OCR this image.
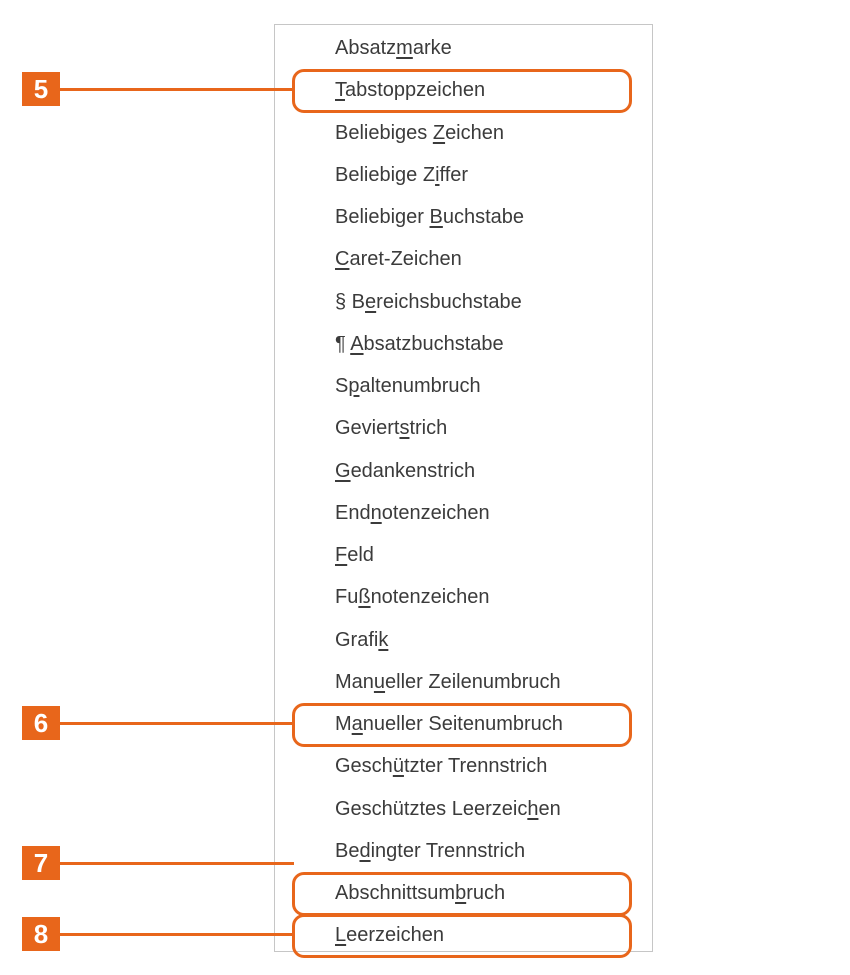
Absatzmarke
Tabstoppzeichen
Beliebiges Zeichen
Beliebige Ziffer
Beliebiger Buchstabe
Caret-Zeichen
§ Bereichsbuchstabe
¶ Absatzbuchstabe
Spaltenumbruch
Geviertstrich
Gedankenstrich
Endnotenzeichen
Feld
Fußnotenzeichen
Grafik
Manueller Zeilenumbruch
Manueller Seitenumbruch
Geschützter Trennstrich
Geschütztes Leerzeichen
Bedingter Trennstrich
Abschnittsumbruch
Leerzeichen
5
6
7
8
